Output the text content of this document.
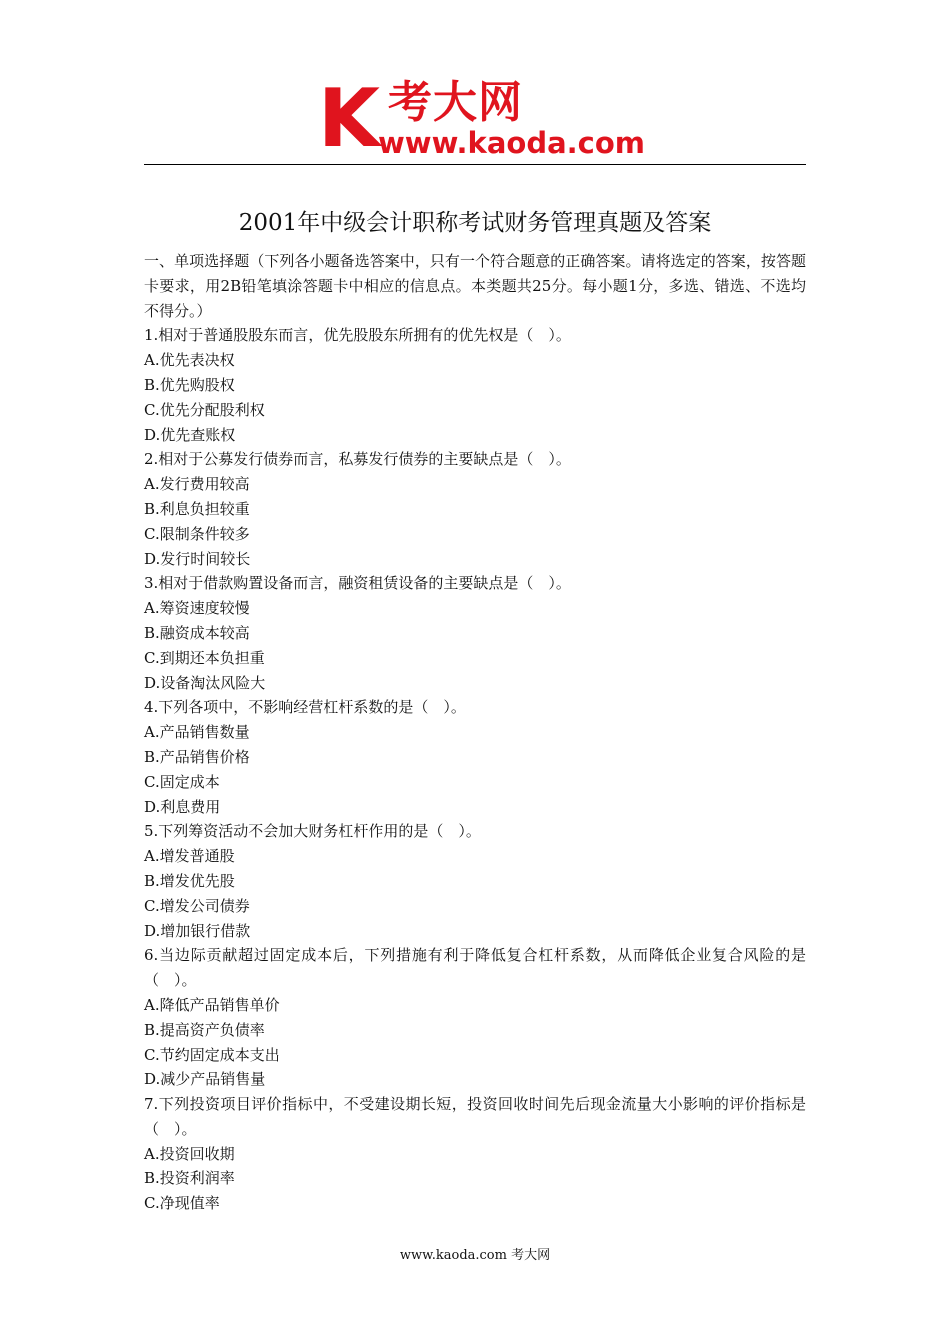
K 考大网
www.kaoda.com
2001年中级会计职称考试财务管理真题及答案
一、单项选择题（下列各小题备选答案中，只有一个符合题意的正确答案。请将选定的答案，按答题卡要求，用2B铅笔填涂答题卡中相应的信息点。本类题共25分。每小题1分，多选、错选、不选均不得分。）
1.相对于普通股股东而言，优先股股东所拥有的优先权是（　）。
A.优先表决权
B.优先购股权
C.优先分配股利权
D.优先查账权
2.相对于公募发行债券而言，私募发行债券的主要缺点是（　）。
A.发行费用较高
B.利息负担较重
C.限制条件较多
D.发行时间较长
3.相对于借款购置设备而言，融资租赁设备的主要缺点是（　）。
A.筹资速度较慢
B.融资成本较高
C.到期还本负担重
D.设备淘汰风险大
4.下列各项中，不影响经营杠杆系数的是（　）。
A.产品销售数量
B.产品销售价格
C.固定成本
D.利息费用
5.下列筹资活动不会加大财务杠杆作用的是（　）。
A.增发普通股
B.增发优先股
C.增发公司债券
D.增加银行借款
6.当边际贡献超过固定成本后，下列措施有利于降低复合杠杆系数，从而降低企业复合风险的是（　）。
A.降低产品销售单价
B.提高资产负债率
C.节约固定成本支出
D.减少产品销售量
7.下列投资项目评价指标中，不受建设期长短，投资回收时间先后现金流量大小影响的评价指标是（　）。
A.投资回收期
B.投资利润率
C.净现值率
www.kaoda.com 考大网
